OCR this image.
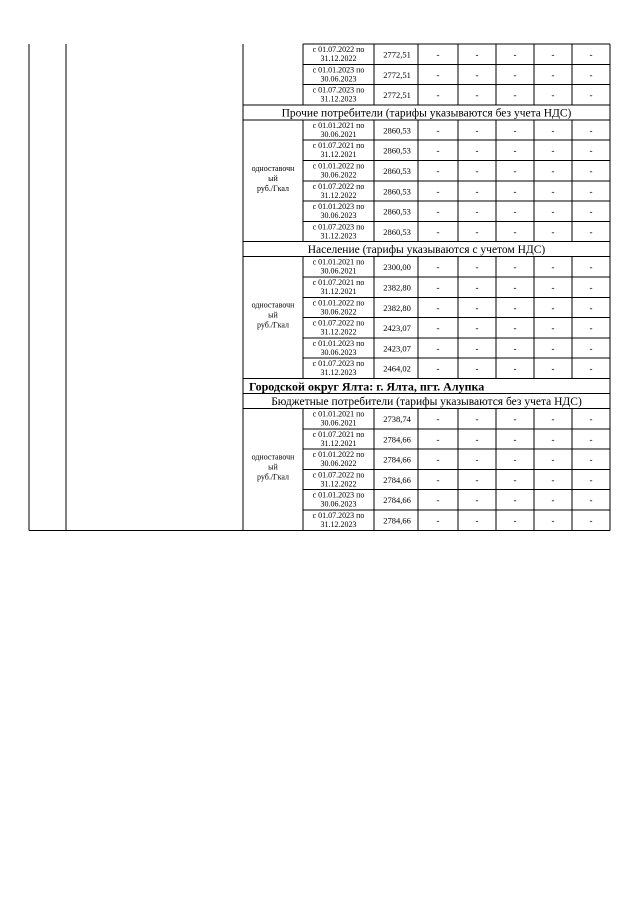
с 01.07.2022 по
31.12.2022	2772,51	-	-	-	-	-
с 01.01.2023 по
30.06.2023	2772,51	-	-	-	-	-
с 01.07.2023 по
31.12.2023	2772,51	-	-	-	-	-
Прочие потребители (тарифы указываются без учета НДС)
с 01.01.2021 по
30.06.2021	2860,53	-	-	-	-	-
с 01.07.2021 по
31.12.2021	2860,53	-	-	-	-	-
с 01.01.2022 по
30.06.2022	2860,53	-	-	-	-	-
с 01.07.2022 по
31.12.2022	2860,53	-	-	-	-	-
с 01.01.2023 по
30.06.2023	2860,53	-	-	-	-	-
с 01.07.2023 по
31.12.2023	2860,53	-	-	-	-	-
одноставочн
ый
руб./Гкал
Население (тарифы указываются с учетом НДС)
с 01.01.2021 по
30.06.2021	2300,00	-	-	-	-	-
с 01.07.2021 по
31.12.2021	2382,80	-	-	-	-	-
с 01.01.2022 по
30.06.2022	2382,80	-	-	-	-	-
с 01.07.2022 по
31.12.2022	2423,07	-	-	-	-	-
с 01.01.2023 по
30.06.2023	2423,07	-	-	-	-	-
с 01.07.2023 по
31.12.2023	2464,02	-	-	-	-	-
одноставочн
ый
руб./Гкал
Городской округ Ялта: г. Ялта, пгт. Алупка
Бюджетные потребители (тарифы указываются без учета НДС)
с 01.01.2021 по
30.06.2021	2738,74	-	-	-	-	-
с 01.07.2021 по
31.12.2021	2784,66	-	-	-	-	-
с 01.01.2022 по
30.06.2022	2784,66	-	-	-	-	-
с 01.07.2022 по
31.12.2022	2784,66	-	-	-	-	-
с 01.01.2023 по
30.06.2023	2784,66	-	-	-	-	-
с 01.07.2023 по
31.12.2023	2784,66	-	-	-	-	-
одноставочн
ый
руб./Гкал
